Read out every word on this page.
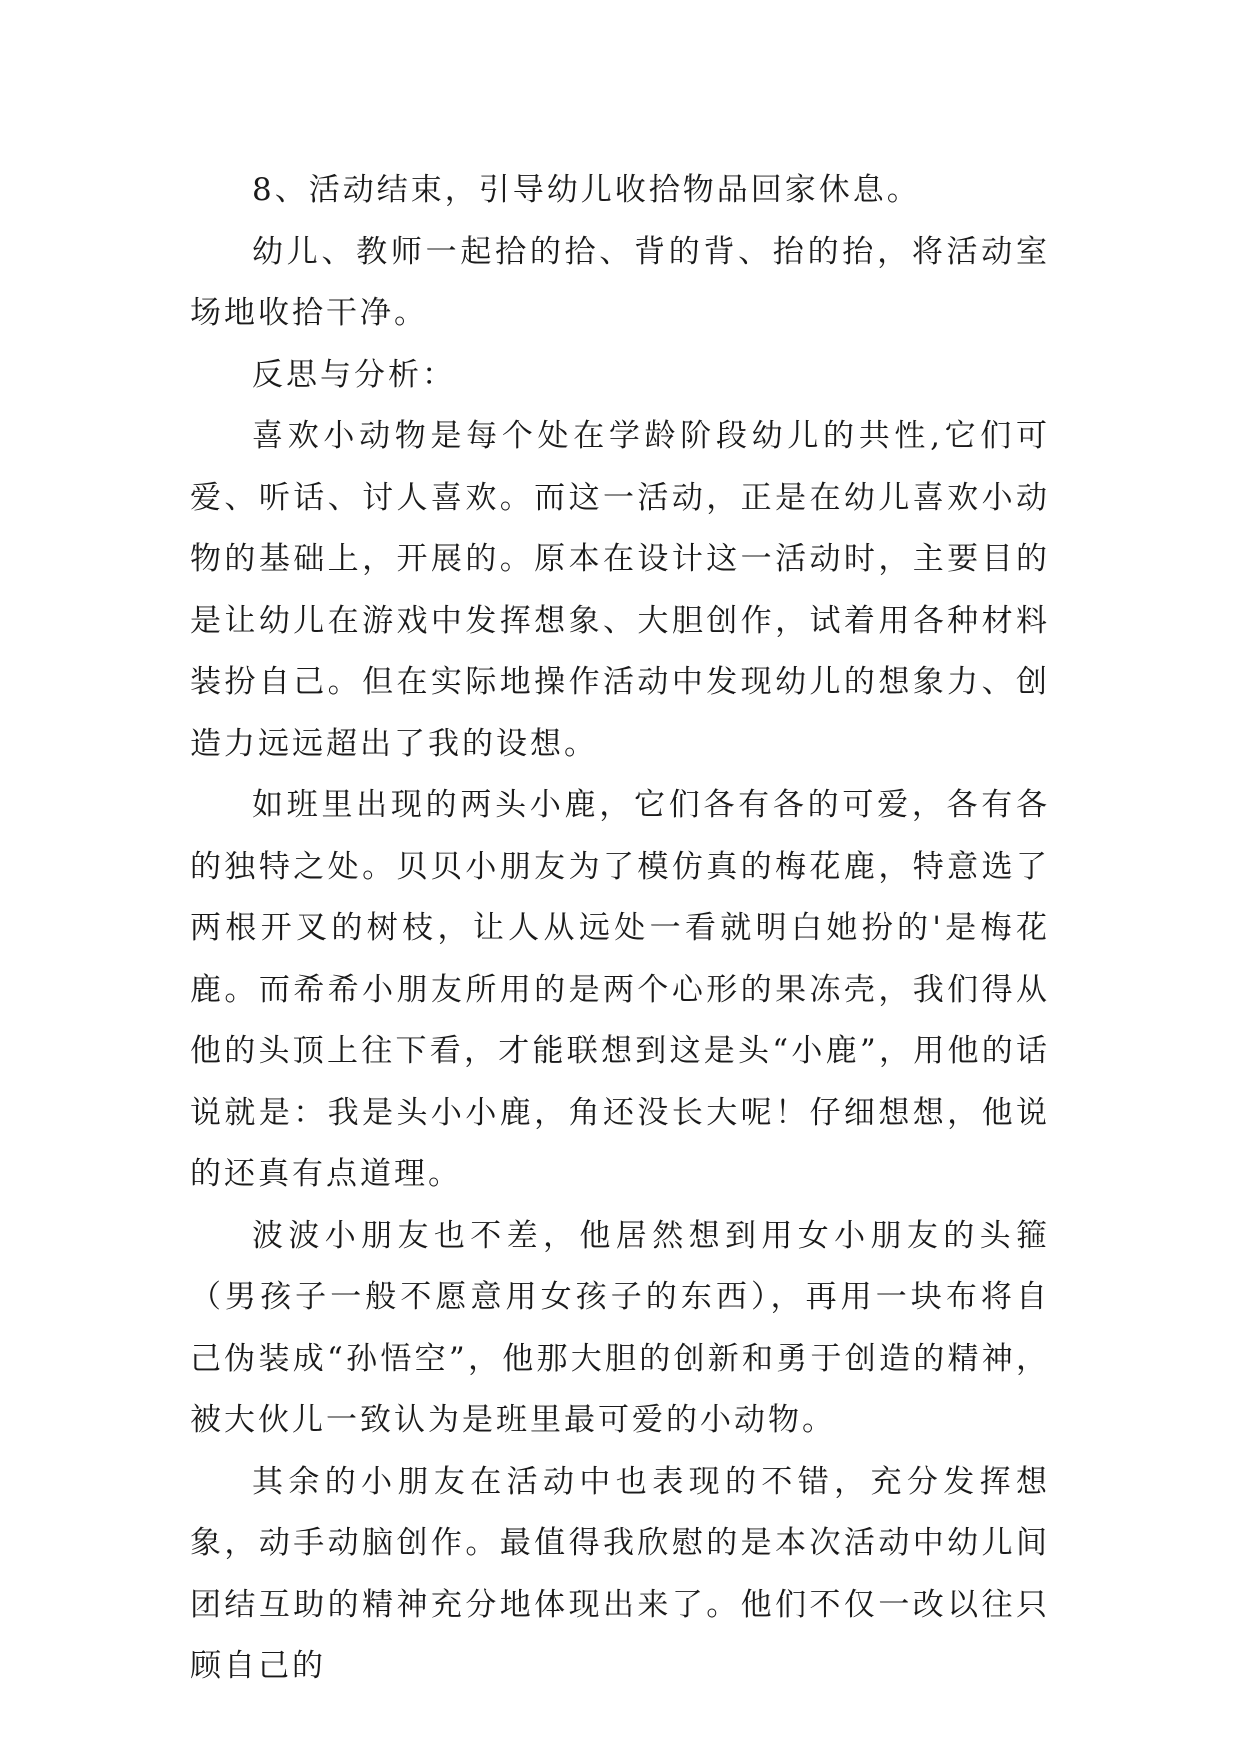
8、活动结束，引导幼儿收拾物品回家休息。

幼儿、教师一起拾的拾、背的背、抬的抬，将活动室场地收拾干净。

反思与分析：

喜欢小动物是每个处在学龄阶段幼儿的共性,它们可爱、听话、讨人喜欢。而这一活动，正是在幼儿喜欢小动物的基础上，开展的。原本在设计这一活动时，主要目的是让幼儿在游戏中发挥想象、大胆创作，试着用各种材料装扮自己。但在实际地操作活动中发现幼儿的想象力、创造力远远超出了我的设想。

如班里出现的两头小鹿，它们各有各的可爱，各有各的独特之处。贝贝小朋友为了模仿真的梅花鹿，特意选了两根开叉的树枝，让人从远处一看就明白她扮的'是梅花鹿。而希希小朋友所用的是两个心形的果冻壳，我们得从他的头顶上往下看，才能联想到这是头“小鹿”，用他的话说就是：我是头小小鹿，角还没长大呢！仔细想想，他说的还真有点道理。

波波小朋友也不差，他居然想到用女小朋友的头箍（男孩子一般不愿意用女孩子的东西），再用一块布将自己伪装成“孙悟空”，他那大胆的创新和勇于创造的精神，被大伙儿一致认为是班里最可爱的小动物。

其余的小朋友在活动中也表现的不错，充分发挥想象，动手动脑创作。最值得我欣慰的是本次活动中幼儿间团结互助的精神充分地体现出来了。他们不仅一改以往只顾自己的
